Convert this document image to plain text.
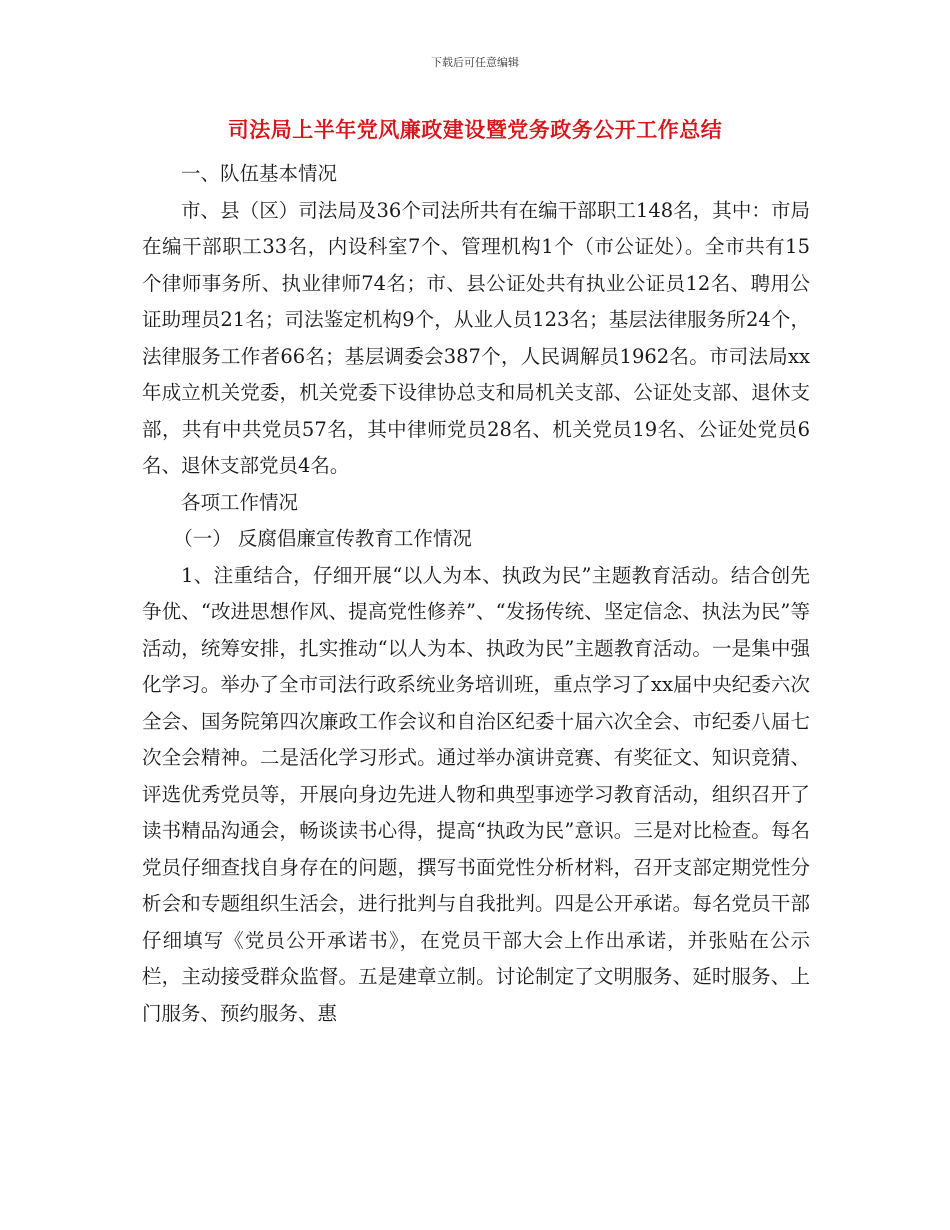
下载后可任意编辑
司法局上半年党风廉政建设暨党务政务公开工作总结

一、队伍基本情况

市、县（区）司法局及36个司法所共有在编干部职工148名，其中：市局在编干部职工33名，内设科室7个、管理机构1个（市公证处）。全市共有15个律师事务所、执业律师74名；市、县公证处共有执业公证员12名、聘用公证助理员21名；司法鉴定机构9个，从业人员123名；基层法律服务所24个，法律服务工作者66名；基层调委会387个，人民调解员1962名。市司法局xx年成立机关党委，机关党委下设律协总支和局机关支部、公证处支部、退休支部，共有中共党员57名，其中律师党员28名、机关党员19名、公证处党员6名、退休支部党员4名。

各项工作情况

（一） 反腐倡廉宣传教育工作情况

1、注重结合，仔细开展“以人为本、执政为民”主题教育活动。结合创先争优、“改进思想作风、提高党性修养”、“发扬传统、坚定信念、执法为民”等活动，统筹安排，扎实推动“以人为本、执政为民”主题教育活动。一是集中强化学习。举办了全市司法行政系统业务培训班，重点学习了xx届中央纪委六次全会、国务院第四次廉政工作会议和自治区纪委十届六次全会、市纪委八届七次全会精神。二是活化学习形式。通过举办演讲竞赛、有奖征文、知识竞猜、评选优秀党员等，开展向身边先进人物和典型事迹学习教育活动，组织召开了读书精品沟通会，畅谈读书心得，提高“执政为民”意识。三是对比检查。每名党员仔细查找自身存在的问题，撰写书面党性分析材料，召开支部定期党性分析会和专题组织生活会，进行批判与自我批判。四是公开承诺。每名党员干部仔细填写《党员公开承诺书》，在党员干部大会上作出承诺，并张贴在公示栏，主动接受群众监督。五是建章立制。讨论制定了文明服务、延时服务、上门服务、预约服务、惠
